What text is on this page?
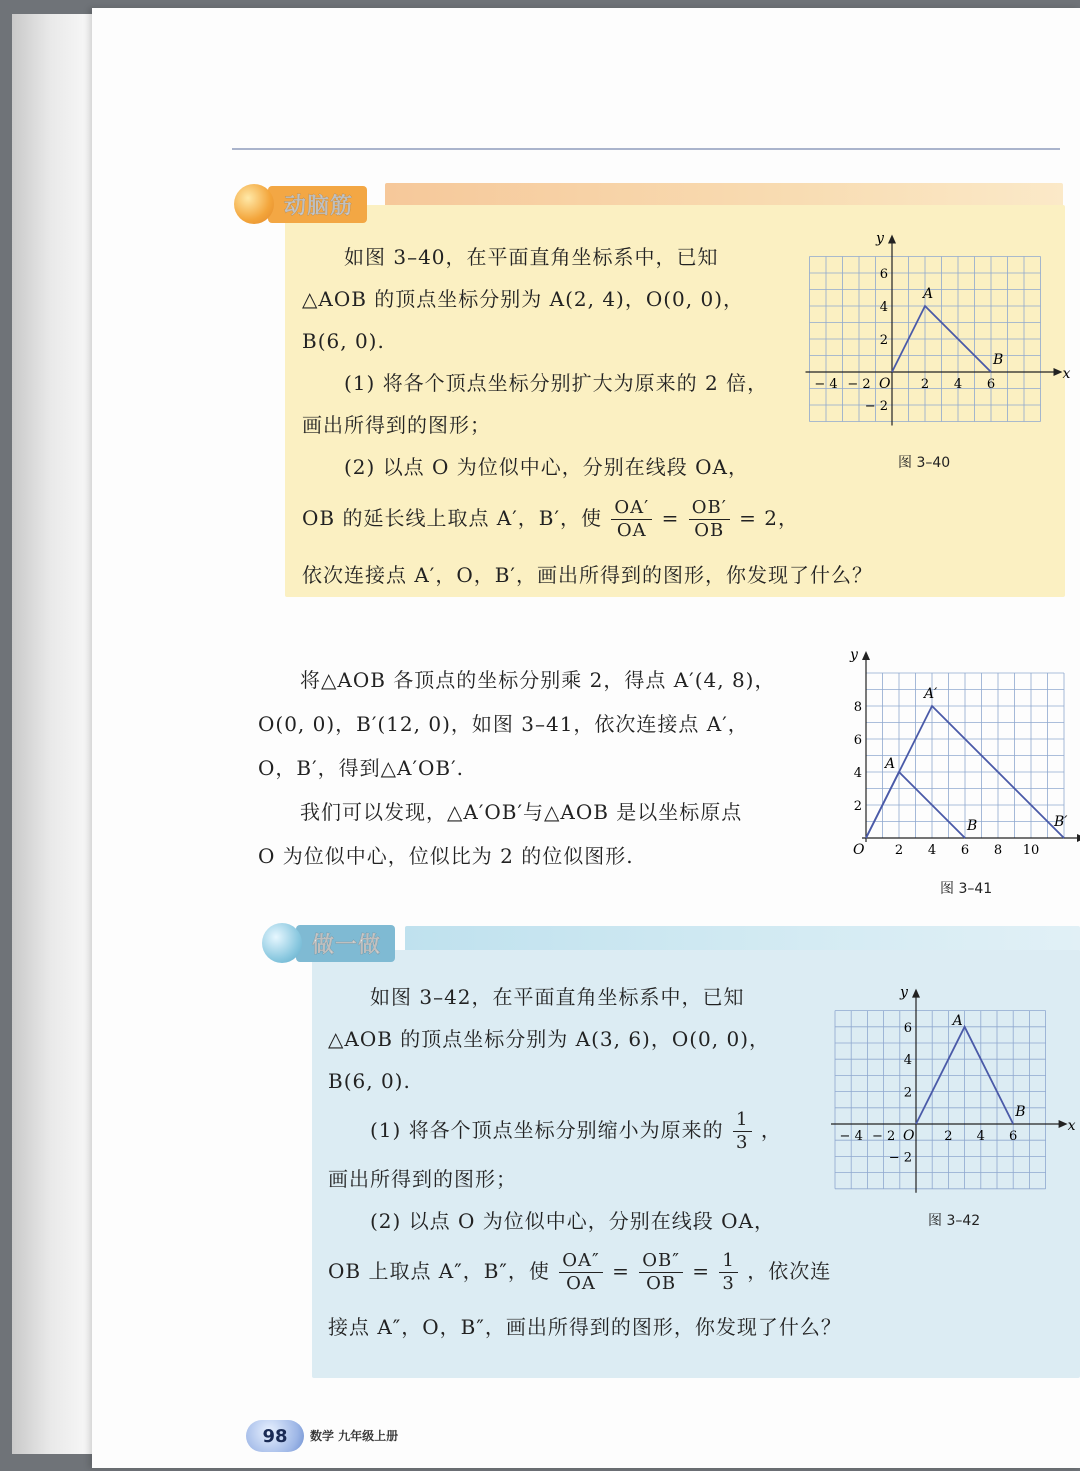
动脑筋

如图 3–40，在平面直角坐标系中，已知

△AOB 的顶点坐标分别为 A(2, 4)，O(0, 0)，

B(6, 0).

(1) 将各个顶点坐标分别扩大为原来的 2 倍，

画出所得到的图形；

(2) 以点 O 为位似中心，分别在线段 OA，

OB 的延长线上取点 A′，B′，使 $\frac{OA'}{OA} = \frac{OB'}{OB} = 2$，

依次连接点 A′，O，B′，画出所得到的图形，你发现了什么？

x
y
O
− 4 − 2	2 4 6
− 2
2
4
6
A
B
图 3–40

将△AOB 各顶点的坐标分别乘 2，得点 A′(4, 8)，

O(0, 0)，B′(12, 0)，如图 3–41，依次连接点 A′，

O，B′，得到△A′OB′.

我们可以发现，△A′OB′与△AOB 是以坐标原点

O 为位似中心，位似比为 2 的位似图形.

y
O 2 4 6 8 10
2
4
6
8
A
B
A′
B′
图 3–41
做一做

如图 3–42，在平面直角坐标系中，已知

△AOB 的顶点坐标分别为 A(3, 6)，O(0, 0)，

B(6, 0).

(1) 将各个顶点坐标分别缩小为原来的 $\frac{1}{3}$ ，

画出所得到的图形；

(2) 以点 O 为位似中心，分别在线段 OA，

OB 上取点 A″，B″，使 $\frac{OA''}{OA} = \frac{OB''}{OB} = \frac{1}{3}$ ，依次连

接点 A″，O，B″，画出所得到的图形，你发现了什么？

x
y
O
− 4 − 2	2 4 6
− 2
2
4
6	A
B
图 3–42
98	数学 九年级上册
